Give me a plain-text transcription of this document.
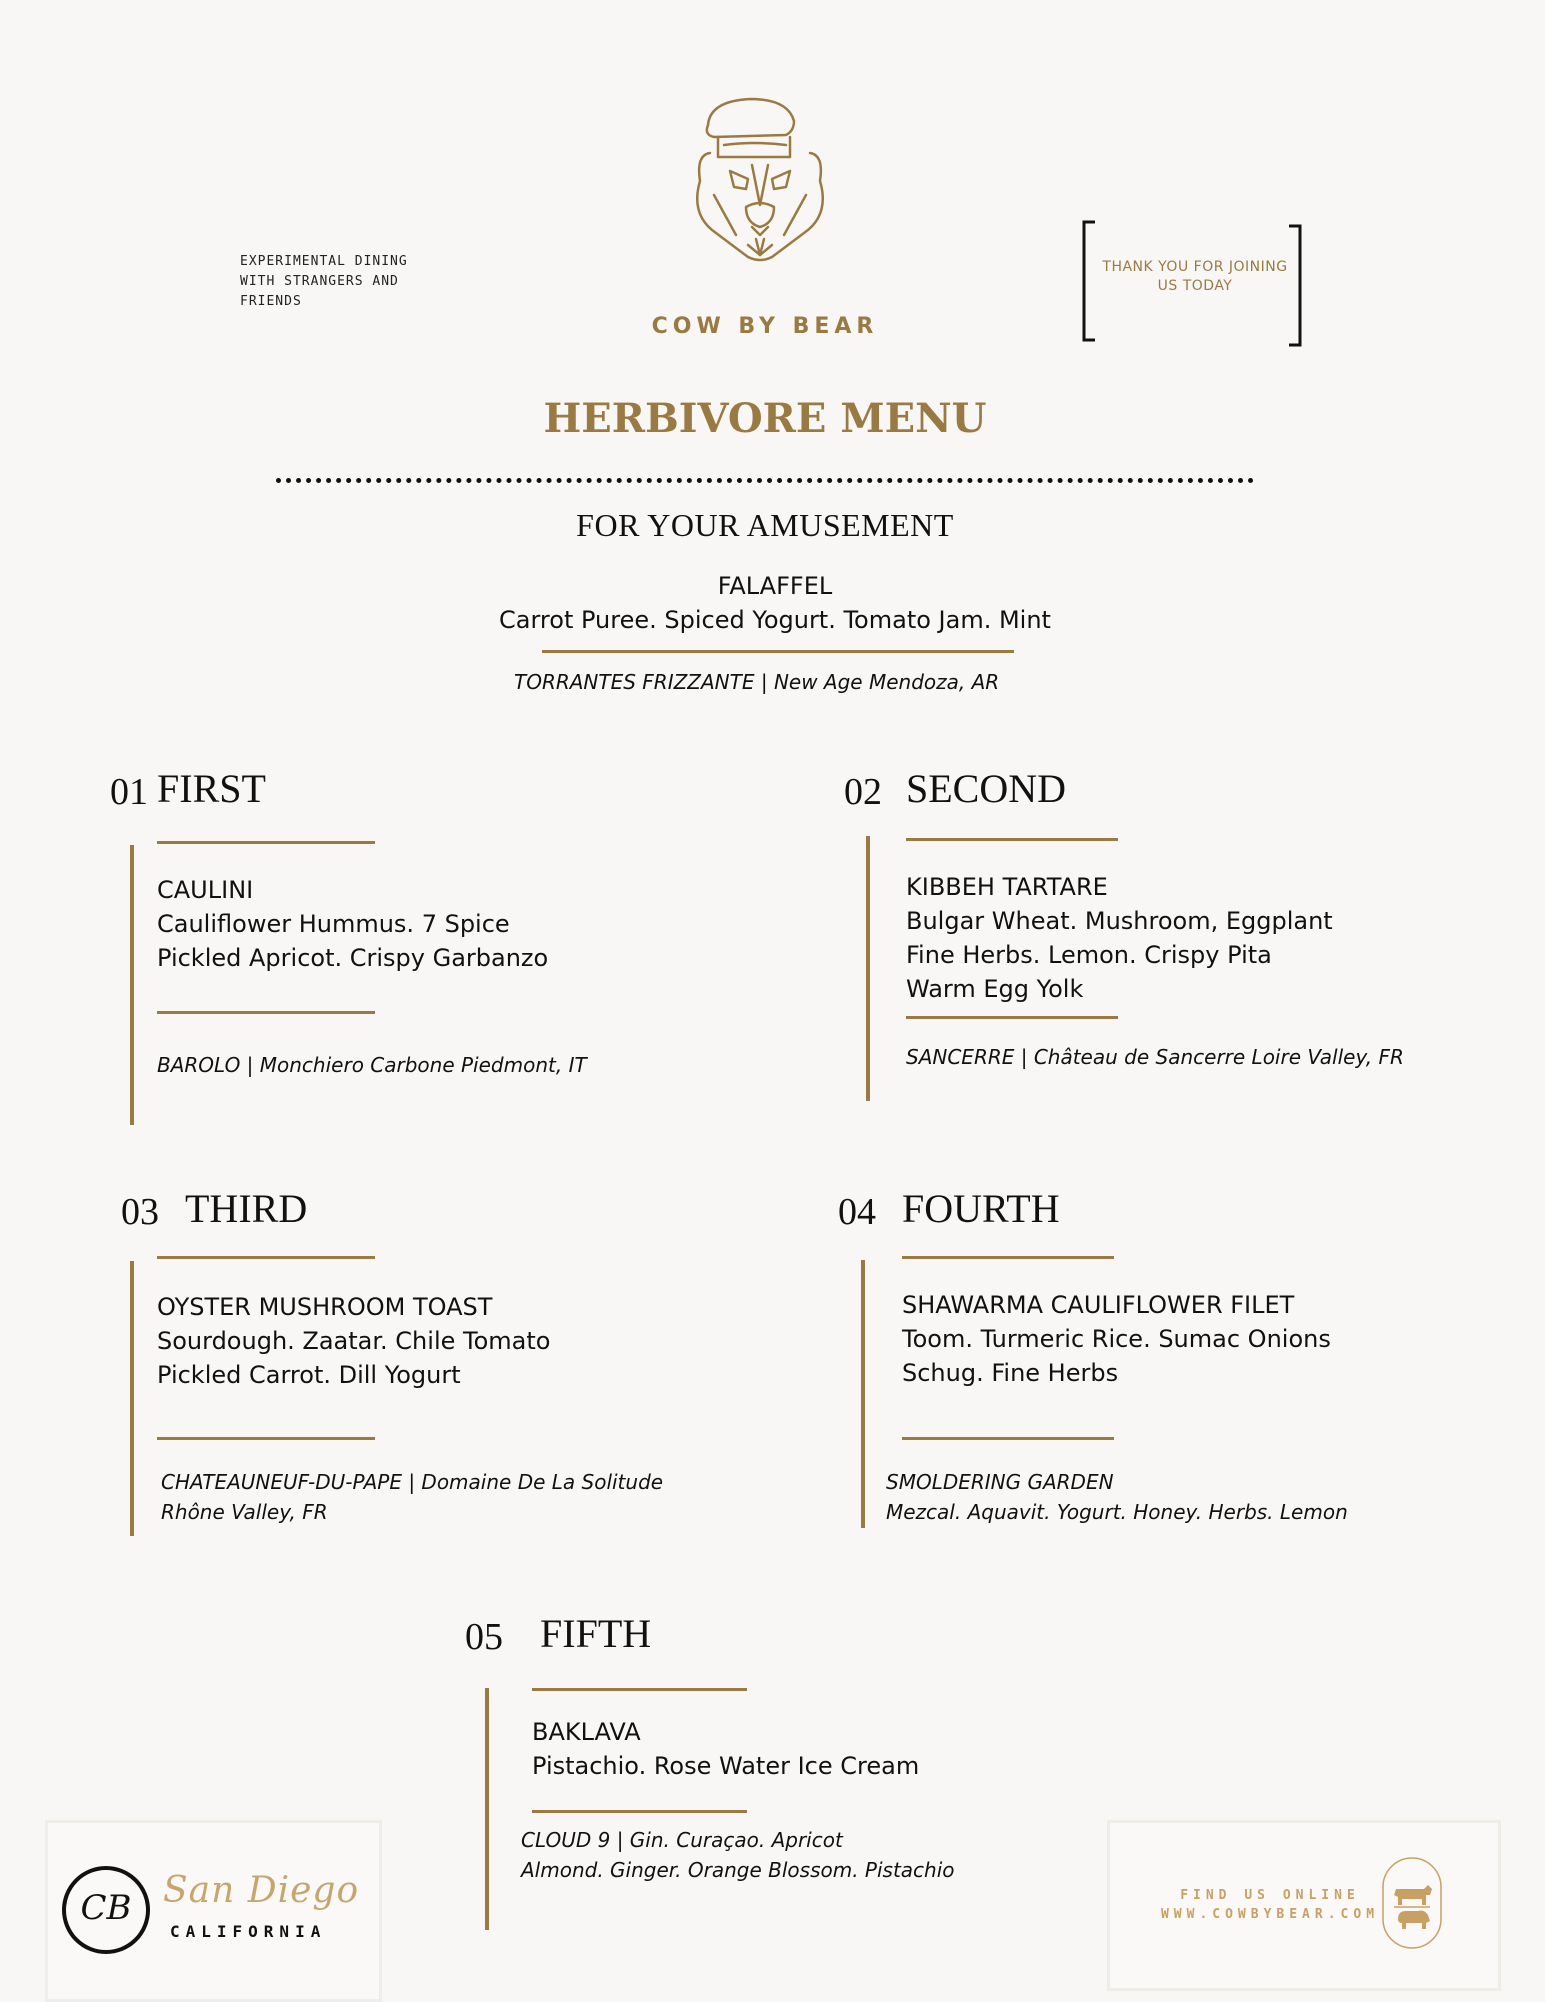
EXPERIMENTAL DINING WITH STRANGERS AND FRIENDS
COW BY BEAR
THANK YOU FOR JOINING US TODAY
HERBIVORE MENU
FOR YOUR AMUSEMENT
FALAFFEL
Carrot Puree. Spiced Yogurt. Tomato Jam. Mint
TORRANTES FRIZZANTE | New Age Mendoza, AR
01 FIRST
CAULINI
Cauliflower Hummus. 7 Spice
Pickled Apricot. Crispy Garbanzo
BAROLO | Monchiero Carbone Piedmont, IT
02 SECOND
KIBBEH TARTARE
Bulgar Wheat. Mushroom, Eggplant
Fine Herbs. Lemon. Crispy Pita
Warm Egg Yolk
SANCERRE | Château de Sancerre Loire Valley, FR
03 THIRD
OYSTER MUSHROOM TOAST
Sourdough. Zaatar. Chile Tomato
Pickled Carrot. Dill Yogurt
CHATEAUNEUF-DU-PAPE | Domaine De La Solitude
Rhône Valley, FR
04 FOURTH
SHAWARMA CAULIFLOWER FILET
Toom. Turmeric Rice. Sumac Onions
Schug. Fine Herbs
SMOLDERING GARDEN
Mezcal. Aquavit. Yogurt. Honey. Herbs. Lemon
05 FIFTH
BAKLAVA
Pistachio. Rose Water Ice Cream
CLOUD 9 | Gin. Curaçao. Apricot
Almond. Ginger. Orange Blossom. Pistachio
CB San Diego
CALIFORNIA
FIND US ONLINE
WWW.COWBYBEAR.COM
